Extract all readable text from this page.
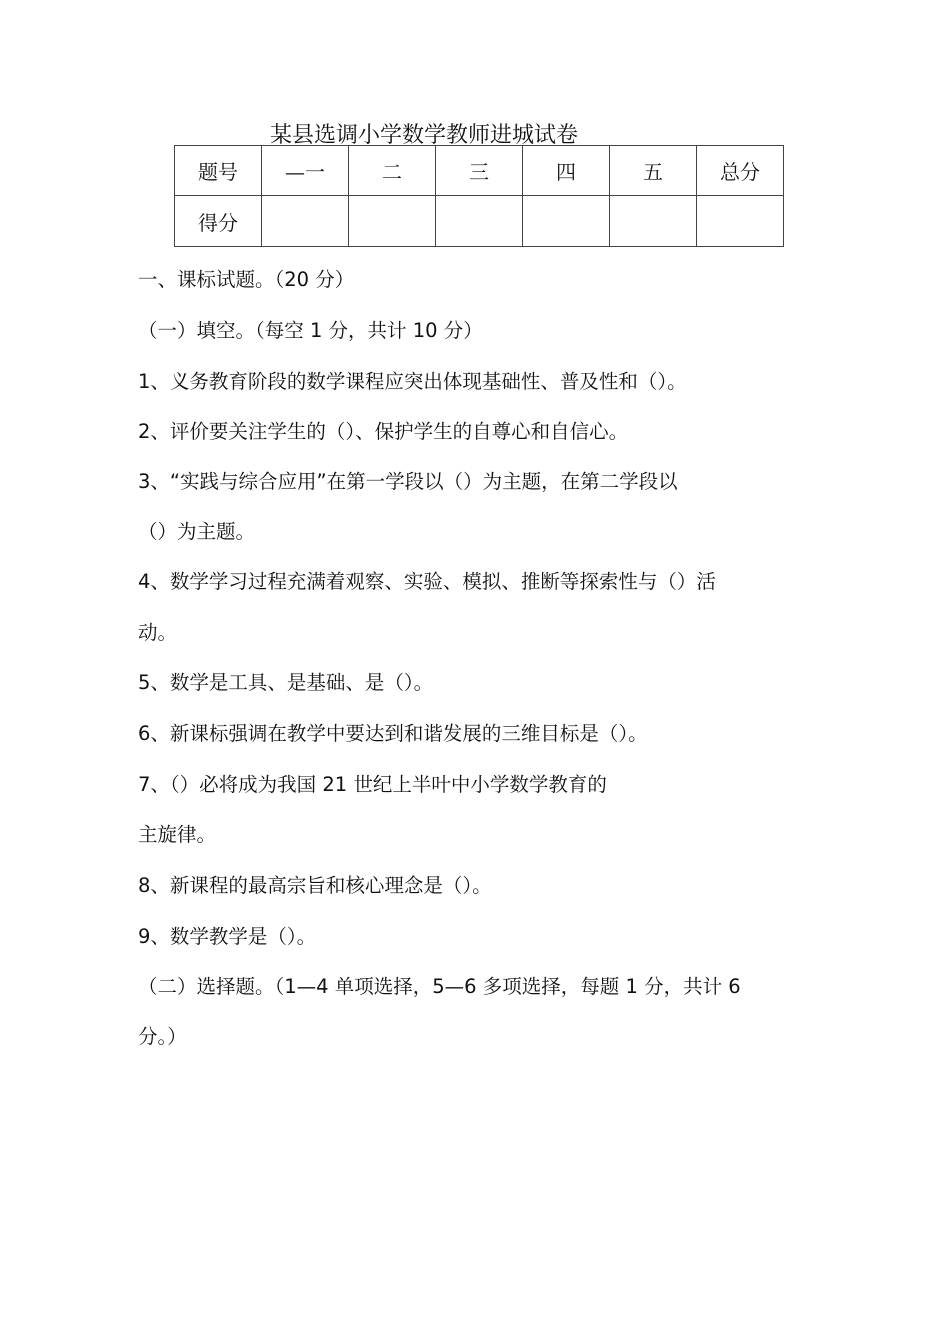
某县选调小学数学教师进城试卷
题号	—一	二	三	四	五	总分
得分						
一、课标试题。（20 分）
（一）填空。（每空 1 分，共计 10 分）
1、义务教育阶段的数学课程应突出体现基础性、普及性和（）。
2、评价要关注学生的（）、保护学生的自尊心和自信心。
3、“实践与综合应用”在第一学段以（）为主题，在第二学段以
（）为主题。
4、数学学习过程充满着观察、实验、模拟、推断等探索性与（）活
动。
5、数学是工具、是基础、是（）。
6、新课标强调在教学中要达到和谐发展的三维目标是（）。
7、（）必将成为我国 21 世纪上半叶中小学数学教育的
主旋律。
8、新课程的最高宗旨和核心理念是（）。
9、数学教学是（）。
（二）选择题。（1—4 单项选择，5—6 多项选择，每题 1 分，共计 6
分。）
